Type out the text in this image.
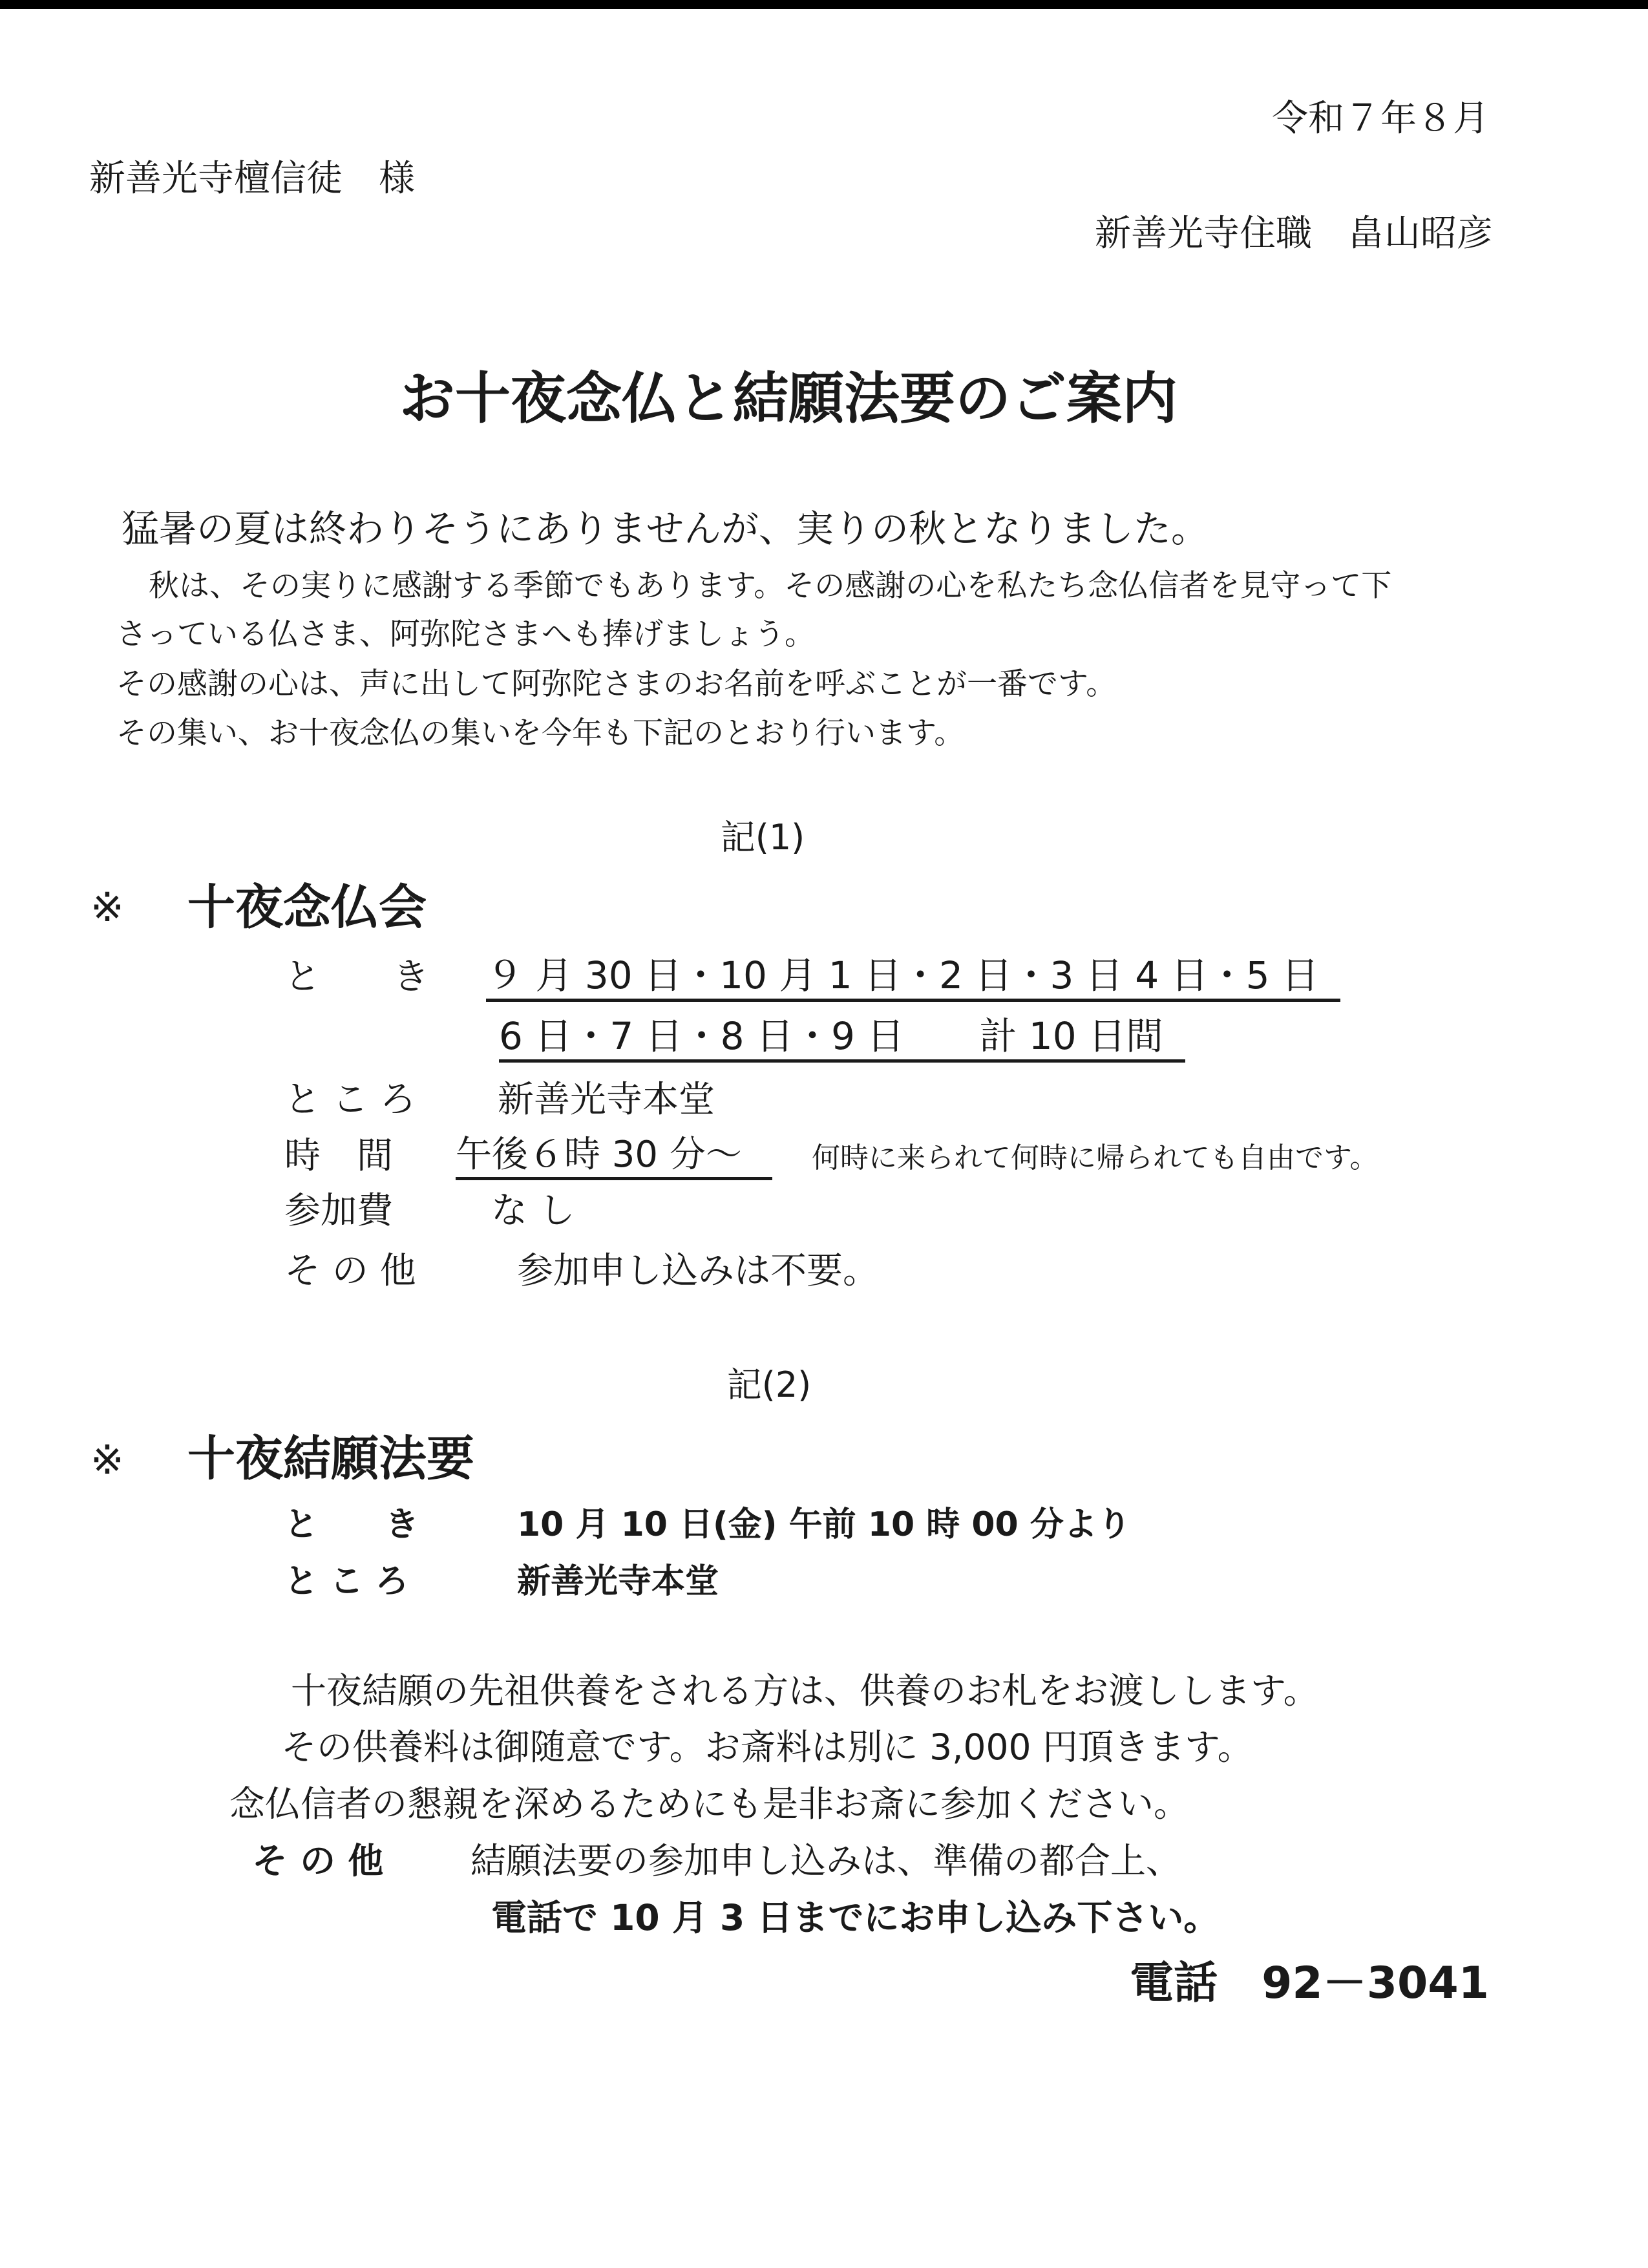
令和７年８月
新善光寺檀信徒　様
新善光寺住職　畠山昭彦
お十夜念仏と結願法要のご案内
猛暑の夏は終わりそうにありませんが、実りの秋となりました。
秋は、その実りに感謝する季節でもあります。その感謝の心を私たち念仏信者を見守って下
さっている仏さま、阿弥陀さまへも捧げましょう。
その感謝の心は、声に出して阿弥陀さまのお名前を呼ぶことが一番です。
その集い、お十夜念仏の集いを今年も下記のとおり行います。
記(1)
※ 十夜念仏会
と　　き ９ 月 30 日・10 月 1 日・2 日・3 日 4 日・5 日
6 日・7 日・8 日・9 日　　計 10 日間
と こ ろ 新善光寺本堂
時　間 午後６時 30 分～	何時に来られて何時に帰られても自由です。
参加費	な し
そ の 他	参加申し込みは不要。
記(2)
※ 十夜結願法要
と　　き	10 月 10 日(金) 午前 10 時 00 分より
と こ ろ	新善光寺本堂
十夜結願の先祖供養をされる方は、供養のお札をお渡しします。
その供養料は御随意です。お斎料は別に 3,000 円頂きます。
念仏信者の懇親を深めるためにも是非お斎に参加ください。
そ の 他 結願法要の参加申し込みは、準備の都合上、
電話で 10 月 3 日までにお申し込み下さい。
電話　92－3041
